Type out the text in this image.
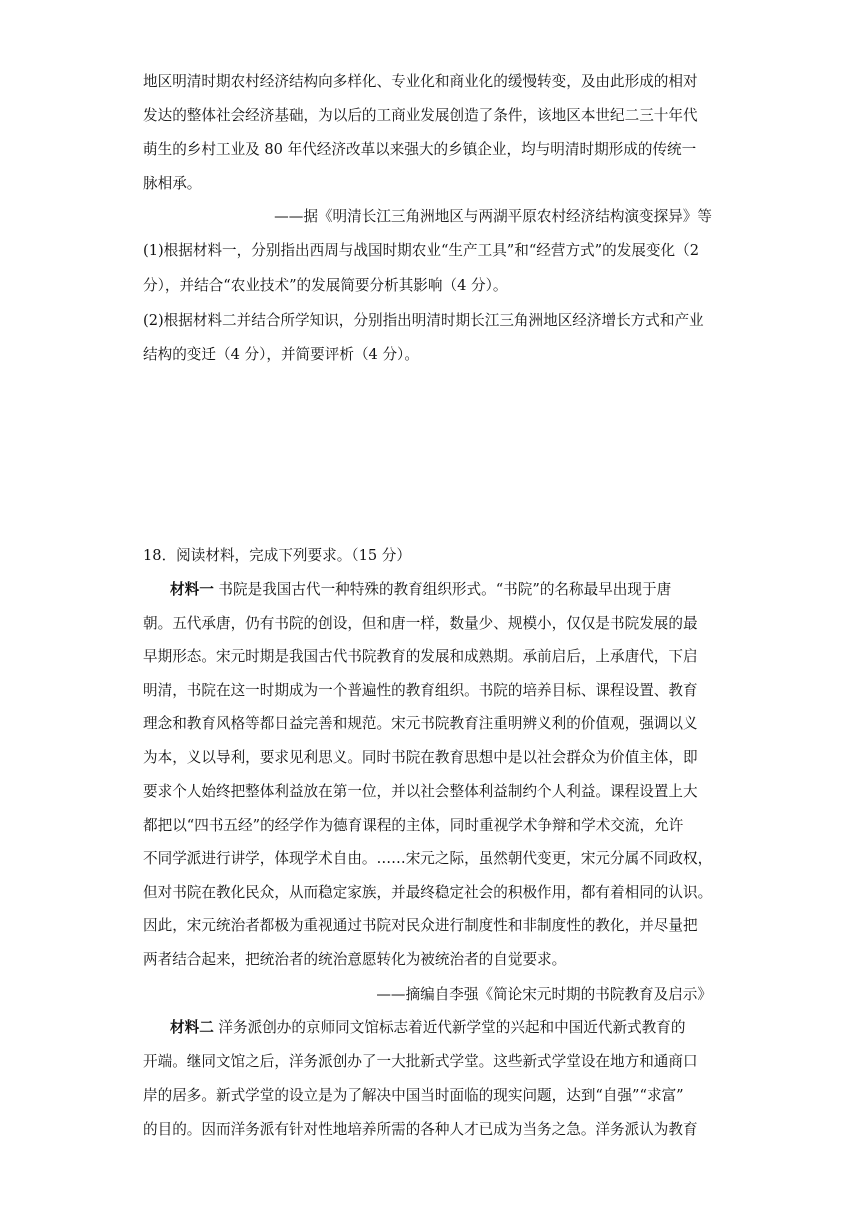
地区明清时期农村经济结构向多样化、专业化和商业化的缓慢转变，及由此形成的相对
发达的整体社会经济基础，为以后的工商业发展创造了条件，该地区本世纪二三十年代
萌生的乡村工业及 80 年代经济改革以来强大的乡镇企业，均与明清时期形成的传统一
脉相承。
——据《明清长江三角洲地区与两湖平原农村经济结构演变探异》等
(1)根据材料一，分别指出西周与战国时期农业“生产工具”和“经营方式”的发展变化（2
分），并结合“农业技术”的发展简要分析其影响（4 分）。
(2)根据材料二并结合所学知识，分别指出明清时期长江三角洲地区经济增长方式和产业
结构的变迁（4 分），并简要评析（4 分）。
18．阅读材料，完成下列要求。（15 分）
材料一 书院是我国古代一种特殊的教育组织形式。“书院”的名称最早出现于唐
朝。五代承唐，仍有书院的创设，但和唐一样，数量少、规模小，仅仅是书院发展的最
早期形态。宋元时期是我国古代书院教育的发展和成熟期。承前启后，上承唐代，下启
明清，书院在这一时期成为一个普遍性的教育组织。书院的培养目标、课程设置、教育
理念和教育风格等都日益完善和规范。宋元书院教育注重明辨义利的价值观，强调以义
为本，义以导利，要求见利思义。同时书院在教育思想中是以社会群众为价值主体，即
要求个人始终把整体利益放在第一位，并以社会整体利益制约个人利益。课程设置上大
都把以“四书五经”的经学作为德育课程的主体，同时重视学术争辩和学术交流，允许
不同学派进行讲学，体现学术自由。……宋元之际，虽然朝代变更，宋元分属不同政权，
但对书院在教化民众，从而稳定家族，并最终稳定社会的积极作用，都有着相同的认识。
因此，宋元统治者都极为重视通过书院对民众进行制度性和非制度性的教化，并尽量把
两者结合起来，把统治者的统治意愿转化为被统治者的自觉要求。
——摘编自李强《简论宋元时期的书院教育及启示》
材料二 洋务派创办的京师同文馆标志着近代新学堂的兴起和中国近代新式教育的
开端。继同文馆之后，洋务派创办了一大批新式学堂。这些新式学堂设在地方和通商口
岸的居多。新式学堂的设立是为了解决中国当时面临的现实问题，达到“自强”“求富”
的目的。因而洋务派有针对性地培养所需的各种人才已成为当务之急。洋务派认为教育
